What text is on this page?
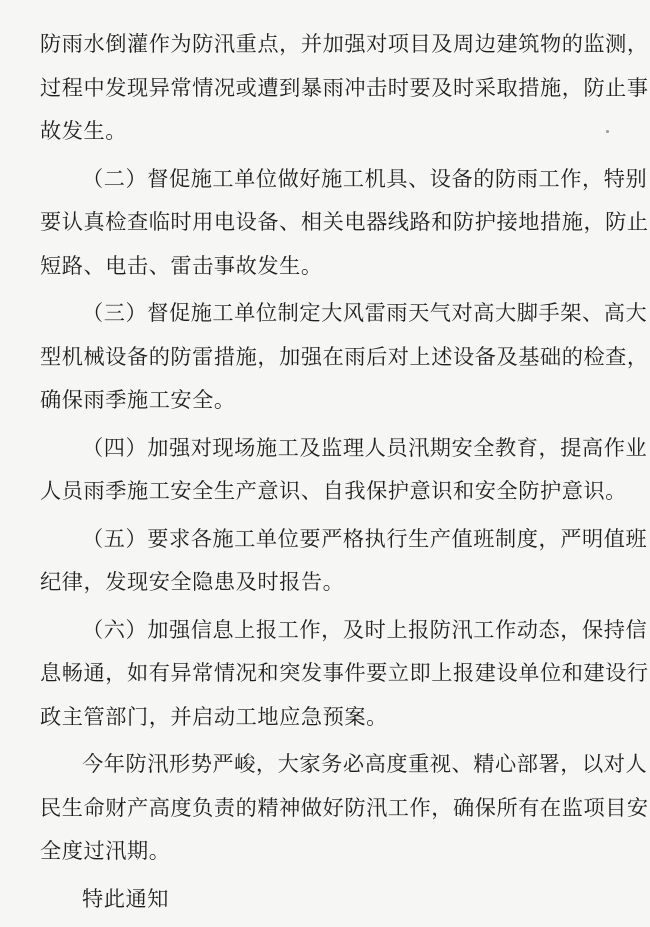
防雨水倒灌作为防汛重点，并加强对项目及周边建筑物的监测，
过程中发现异常情况或遭到暴雨冲击时要及时采取措施，防止事
故发生。
（二）督促施工单位做好施工机具、设备的防雨工作，特别
要认真检查临时用电设备、相关电器线路和防护接地措施，防止
短路、电击、雷击事故发生。
（三）督促施工单位制定大风雷雨天气对高大脚手架、高大
型机械设备的防雷措施，加强在雨后对上述设备及基础的检查，
确保雨季施工安全。
（四）加强对现场施工及监理人员汛期安全教育，提高作业
人员雨季施工安全生产意识、自我保护意识和安全防护意识。
（五）要求各施工单位要严格执行生产值班制度，严明值班
纪律，发现安全隐患及时报告。
（六）加强信息上报工作，及时上报防汛工作动态，保持信
息畅通，如有异常情况和突发事件要立即上报建设单位和建设行
政主管部门，并启动工地应急预案。
今年防汛形势严峻，大家务必高度重视、精心部署，以对人
民生命财产高度负责的精神做好防汛工作，确保所有在监项目安
全度过汛期。
特此通知
